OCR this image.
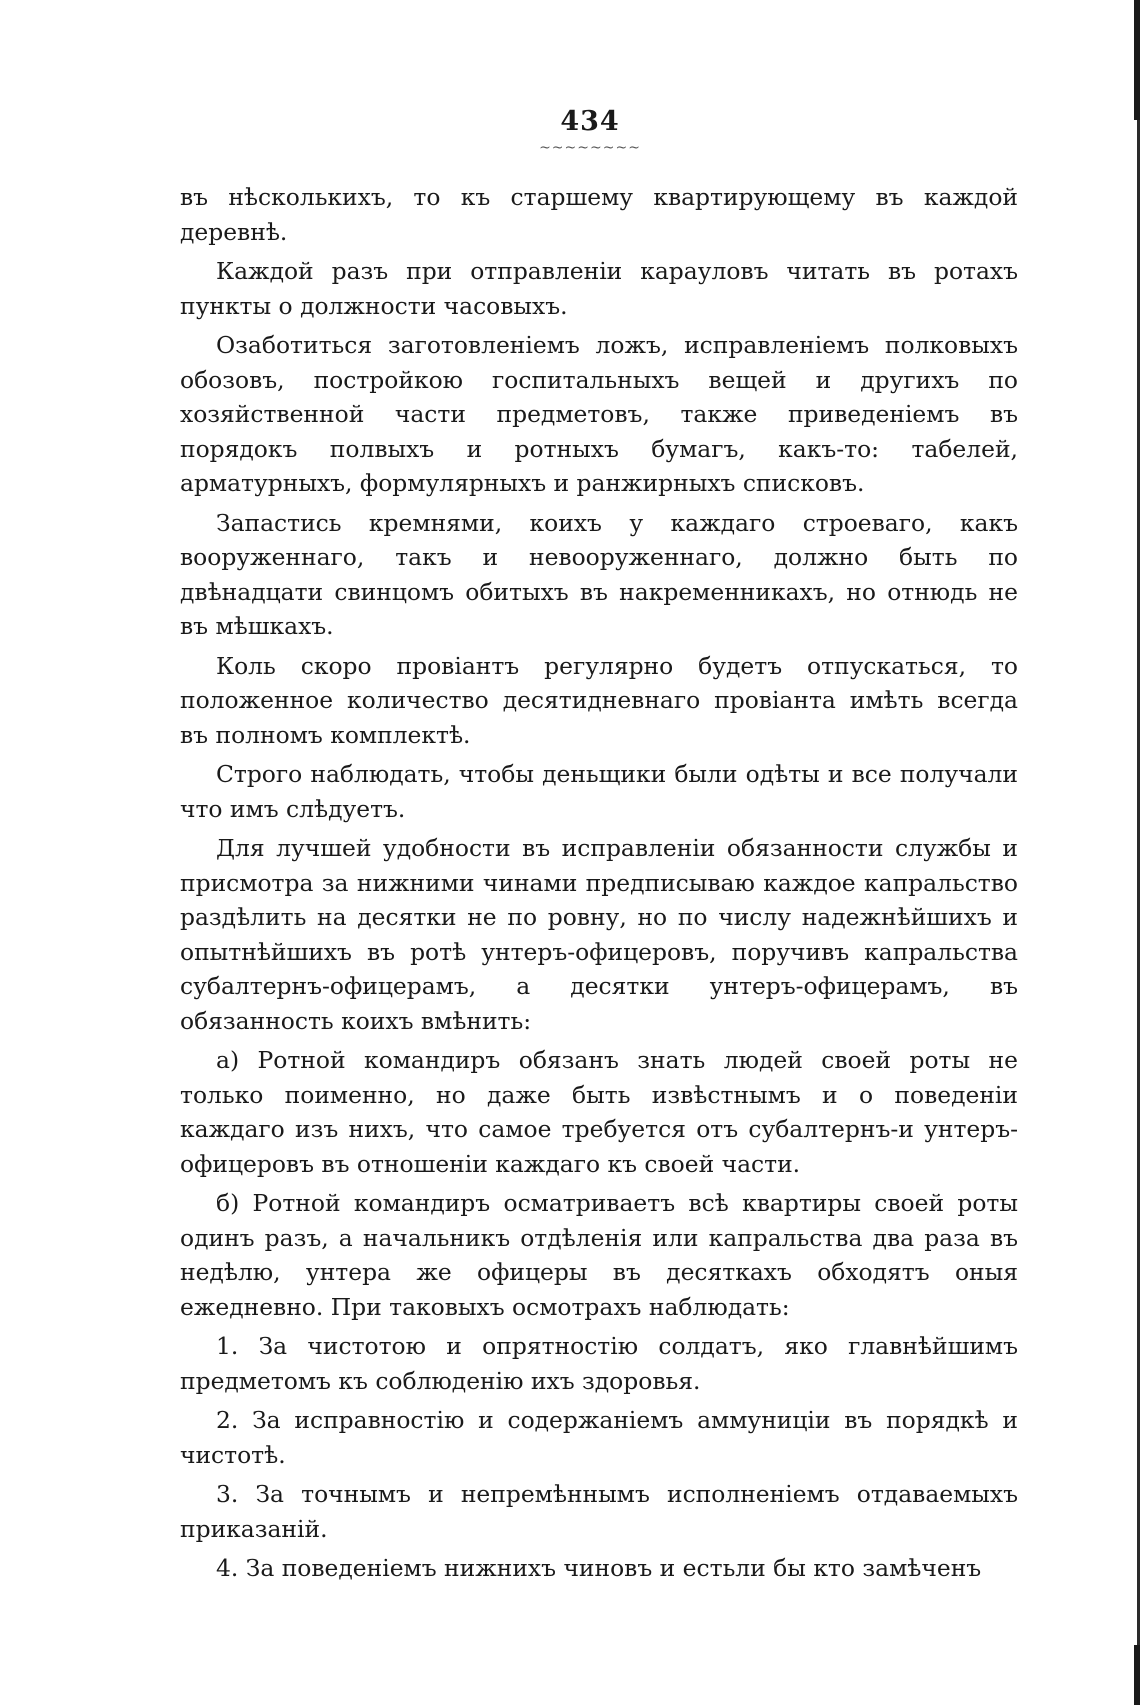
434
~~~~~~~~

въ нѣсколькихъ, то къ старшему квартирующему въ каждой деревнѣ.

Каждой разъ при отправленіи карауловъ читать въ ротахъ пункты о должности часовыхъ.

Озаботиться заготовленіемъ ложъ, исправленіемъ полковыхъ обозовъ, постройкою госпитальныхъ вещей и другихъ по хозяйственной части предметовъ, также приведеніемъ въ порядокъ полвыхъ и ротныхъ бумагъ, какъ-то: табелей, арматурныхъ, формулярныхъ и ранжирныхъ списковъ.

Запастись кремнями, коихъ у каждаго строеваго, какъ вооруженнаго, такъ и невооруженнаго, должно быть по двѣнадцати свинцомъ обитыхъ въ накременникахъ, но отнюдь не въ мѣшкахъ.

Коль скоро провіантъ регулярно будетъ отпускаться, то положенное количество десятидневнаго провіанта имѣть всегда въ полномъ комплектѣ.

Строго наблюдать, чтобы деньщики были одѣты и все получали что имъ слѣдуетъ.

Для лучшей удобности въ исправленіи обязанности службы и присмотра за нижними чинами предписываю каждое капральство раздѣлить на десятки не по ровну, но по числу надежнѣйшихъ и опытнѣйшихъ въ ротѣ унтеръ-офицеровъ, поручивъ капральства субалтернъ-офицерамъ, а десятки унтеръ-офицерамъ, въ обязанность коихъ вмѣнить:

а) Ротной командиръ обязанъ знать людей своей роты не только поименно, но даже быть извѣстнымъ и о поведеніи каждаго изъ нихъ, что самое требуется отъ субалтернъ-и унтеръ-офицеровъ въ отношеніи каждаго къ своей части.

б) Ротной командиръ осматриваетъ всѣ квартиры своей роты одинъ разъ, а начальникъ отдѣленія или капральства два раза въ недѣлю, унтера же офицеры въ десяткахъ обходятъ оныя ежедневно. При таковыхъ осмотрахъ наблюдать:

1. За чистотою и опрятностію солдатъ, яко главнѣйшимъ предметомъ къ соблюденію ихъ здоровья.

2. За исправностію и содержаніемъ аммуниціи въ порядкѣ и чистотѣ.

3. За точнымъ и непремѣннымъ исполненіемъ отдаваемыхъ приказаній.

4. За поведеніемъ нижнихъ чиновъ и естьли бы кто замѣченъ
